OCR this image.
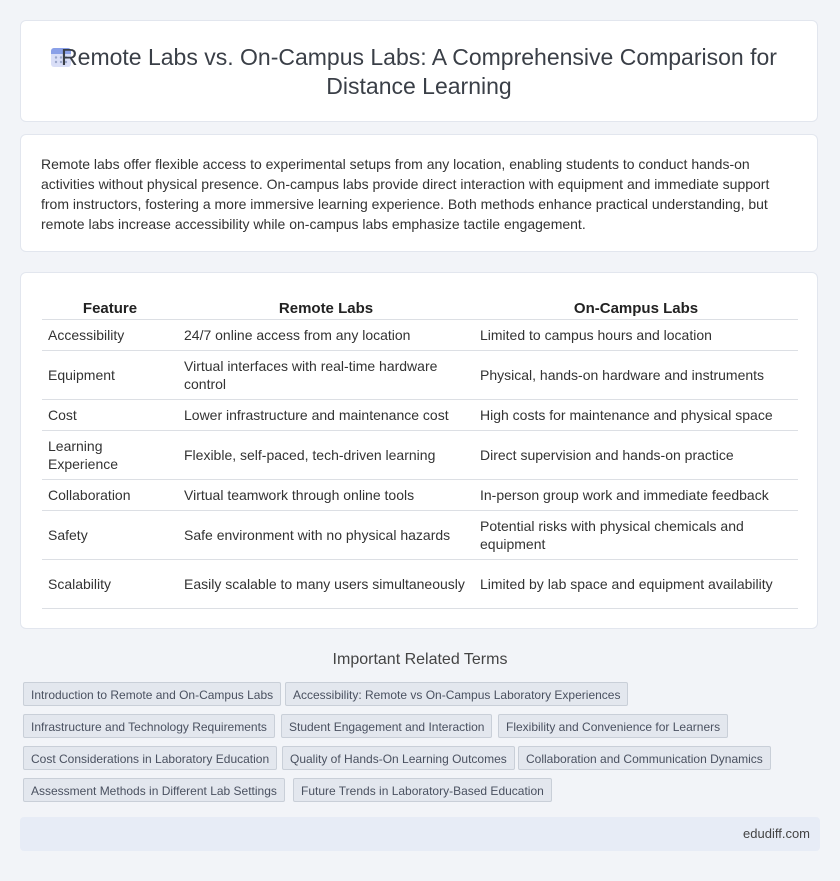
Remote Labs vs. On-Campus Labs: A Comprehensive Comparison for Distance Learning

Remote labs offer flexible access to experimental setups from any location, enabling students to conduct hands-on activities without physical presence. On-campus labs provide direct interaction with equipment and immediate support from instructors, fostering a more immersive learning experience. Both methods enhance practical understanding, but remote labs increase accessibility while on-campus labs emphasize tactile engagement.

Feature	Remote Labs	On-Campus Labs
Accessibility	24/7 online access from any location	Limited to campus hours and location
Equipment	Virtual interfaces with real-time hardware control	Physical, hands-on hardware and instruments
Cost	Lower infrastructure and maintenance cost	High costs for maintenance and physical space
Learning Experience	Flexible, self-paced, tech-driven learning	Direct supervision and hands-on practice
Collaboration	Virtual teamwork through online tools	In-person group work and immediate feedback
Safety	Safe environment with no physical hazards	Potential risks with physical chemicals and equipment
Scalability	Easily scalable to many users simultaneously	Limited by lab space and equipment availability
Important Related Terms
Introduction to Remote and On-Campus Labs	Accessibility: Remote vs On-Campus Laboratory Experiences
Infrastructure and Technology Requirements	Student Engagement and Interaction	Flexibility and Convenience for Learners
Cost Considerations in Laboratory Education	Quality of Hands-On Learning Outcomes	Collaboration and Communication Dynamics
Assessment Methods in Different Lab Settings	Future Trends in Laboratory-Based Education
edudiff.com
